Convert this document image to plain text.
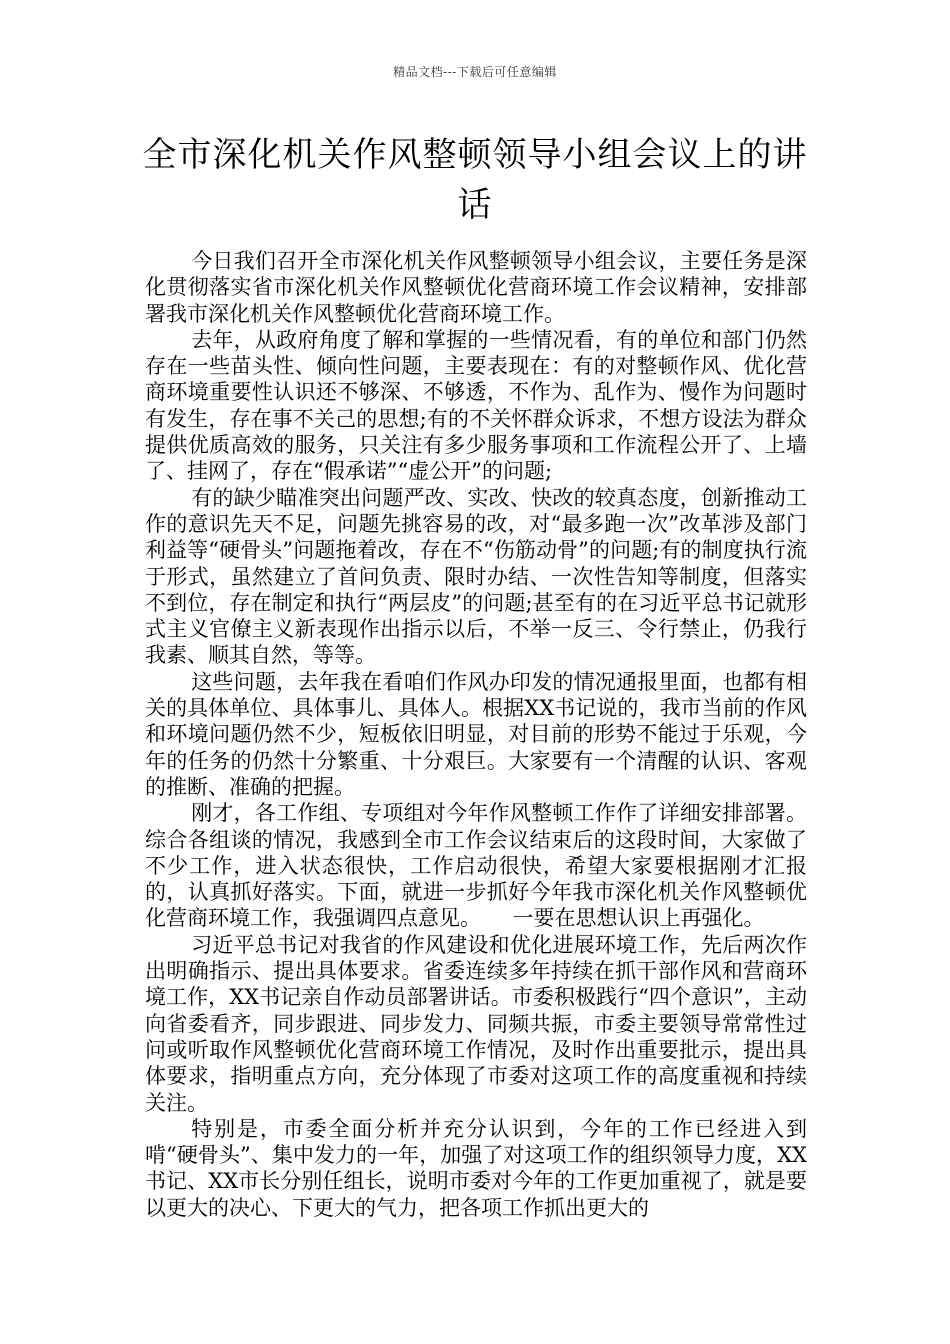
精品文档---下载后可任意编辑
全市深化机关作风整顿领导小组会议上的讲话

今日我们召开全市深化机关作风整顿领导小组会议，主要任务是深化贯彻落实省市深化机关作风整顿优化营商环境工作会议精神，安排部署我市深化机关作风整顿优化营商环境工作。

去年，从政府角度了解和掌握的一些情况看，有的单位和部门仍然存在一些苗头性、倾向性问题，主要表现在：有的对整顿作风、优化营商环境重要性认识还不够深、不够透，不作为、乱作为、慢作为问题时有发生，存在事不关己的思想;有的不关怀群众诉求，不想方设法为群众提供优质高效的服务，只关注有多少服务事项和工作流程公开了、上墙了、挂网了，存在“假承诺”“虚公开”的问题;

有的缺少瞄准突出问题严改、实改、快改的较真态度，创新推动工作的意识先天不足，问题先挑容易的改，对“最多跑一次”改革涉及部门利益等“硬骨头”问题拖着改，存在不“伤筋动骨”的问题;有的制度执行流于形式，虽然建立了首问负责、限时办结、一次性告知等制度，但落实不到位，存在制定和执行“两层皮”的问题;甚至有的在习近平总书记就形式主义官僚主义新表现作出指示以后，不举一反三、令行禁止，仍我行我素、顺其自然，等等。

这些问题，去年我在看咱们作风办印发的情况通报里面，也都有相关的具体单位、具体事儿、具体人。根据XX书记说的，我市当前的作风和环境问题仍然不少，短板依旧明显，对目前的形势不能过于乐观，今年的任务的仍然十分繁重、十分艰巨。大家要有一个清醒的认识、客观的推断、准确的把握。

刚才，各工作组、专项组对今年作风整顿工作作了详细安排部署。综合各组谈的情况，我感到全市工作会议结束后的这段时间，大家做了不少工作，进入状态很快，工作启动很快，希望大家要根据刚才汇报的，认真抓好落实。下面，就进一步抓好今年我市深化机关作风整顿优化营商环境工作，我强调四点意见。　　一要在思想认识上再强化。

习近平总书记对我省的作风建设和优化进展环境工作，先后两次作出明确指示、提出具体要求。省委连续多年持续在抓干部作风和营商环境工作，XX书记亲自作动员部署讲话。市委积极践行“四个意识”，主动向省委看齐，同步跟进、同步发力、同频共振，市委主要领导常常性过问或听取作风整顿优化营商环境工作情况，及时作出重要批示，提出具体要求，指明重点方向，充分体现了市委对这项工作的高度重视和持续关注。

特别是，市委全面分析并充分认识到，今年的工作已经进入到啃“硬骨头”、集中发力的一年，加强了对这项工作的组织领导力度，XX书记、XX市长分别任组长，说明市委对今年的工作更加重视了，就是要以更大的决心、下更大的气力，把各项工作抓出更大的
